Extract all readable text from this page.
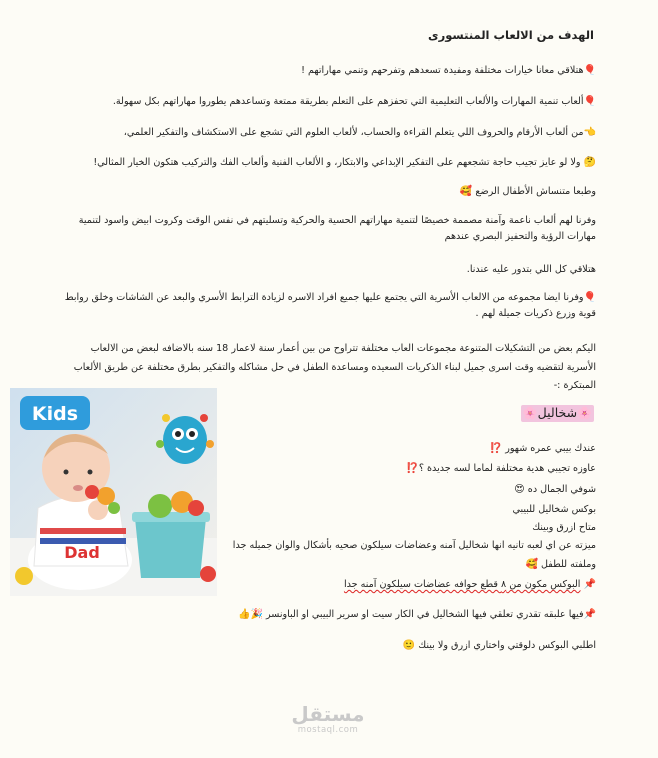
الهدف من الالعاب المنتسورى
🎈هتلاقي معانا خيارات مختلفة ومفيدة تسعدهم وتفرحهم وتنمي مهاراتهم !
🎈ألعاب تنمية المهارات والألعاب التعليمية التي تحفزهم على التعلم بطريقة ممتعة وتساعدهم يطوروا مهاراتهم بكل سهولة.
👈من ألعاب الأرقام والحروف اللي يتعلم القراءة والحساب، لألعاب العلوم التي تشجع على الاستكشاف والتفكير العلمي،
🤔 ولا لو عايز تجيب حاجة تشجعهم على التفكير الإبداعي والابتكار، و الألعاب الفنية وألعاب الفك والتركيب هتكون الخيار المثالي!
وطبعا متنساش الأطفال الرضع 🥰
وفرنا لهم ألعاب ناعمة وآمنة مصممة خصيصًا لتنمية مهاراتهم الحسية والحركية وتسليتهم في نفس الوقت وكروت ابيض واسود لتنمية مهارات الرؤية والتحفيز البصري عندهم
هتلاقي كل اللي بتدور عليه عندنا.
🎈وفرنا ايضا مجموعه من الالعاب الأسرية التي يجتمع عليها جميع افراد الاسره لزيادة الترابط الأسري والبعد عن الشاشات وخلق روابط قوية وزرع ذكريات جميلة لهم .
اليكم بعض من التشكيلات المتنوعة مجموعات العاب مختلفة تتراوح من بين أعمار سنة لاعمار 18 سنه بالاضافه لبعض من الالعاب الأسرية لتقضيه وقت اسرى جميل لبناء الذكريات السعيده ومساعدة الطفل في حل مشاكله والتفكير بطرق مختلفة عن طريق الألعاب المبتكرة :-
🌸شخاليل🌸
عندك بيبي عمره شهور ⁉️
عاوزه تجيبي هدية مختلفة لماما لسه جديدة ؟⁉️
شوفي الجمال ده 😍
بوكس شخاليل للبيبي
متاح ازرق وبينك
ميزته عن اي لعبه تانيه انها شخاليل آمنه وعضاضات سيلكون صحيه بأشكال والوان جميله جدا
وملفته للطفل 🥰
📌 البوكس مكون من ٨ قطع حوافه عضاضات سيلكون آمنه جدا
📌فيها علبقه تقدري تعلقي فيها الشخاليل في الكار سيت او سرير البيبي او الباونسر 🎉👍
اطلبي البوكس دلوقتي واختاري ازرق ولا بينك 🙂
Kids
Dad
مستقل
mostaql.com
